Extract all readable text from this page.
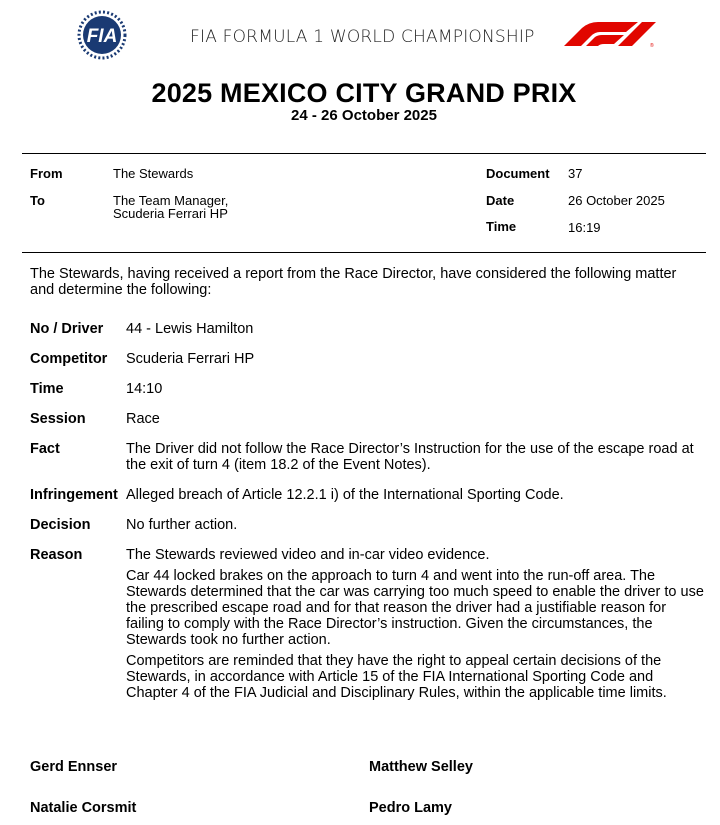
FIA	FIA FORMULA 1 WORLD CHAMPIONSHIP	®
2025 MEXICO CITY GRAND PRIX
24 - 26 October 2025
From	The Stewards
To	The Team Manager,
Scuderia Ferrari HP
Document 37
Date	26 October 2025
Time	16:19
The Stewards, having received a report from the Race Director, have considered the following matter and determine the following:
No / Driver 44 - Lewis Hamilton
Competitor Scuderia Ferrari HP
Time	14:10
Session	Race
Fact	The Driver did not follow the Race Director’s Instruction for the use of the escape road at the exit of turn 4 (item 18.2 of the Event Notes).
Infringement Alleged breach of Article 12.2.1 i) of the International Sporting Code.
Decision No further action.
Reason	The Stewards reviewed video and in-car video evidence.

Car 44 locked brakes on the approach to turn 4 and went into the run-off area. The Stewards determined that the car was carrying too much speed to enable the driver to use the prescribed escape road and for that reason the driver had a justifiable reason for failing to comply with the Race Director’s instruction. Given the circumstances, the Stewards took no further action.

Competitors are reminded that they have the right to appeal certain decisions of the Stewards, in accordance with Article 15 of the FIA International Sporting Code and Chapter 4 of the FIA Judicial and Disciplinary Rules, within the applicable time limits.

Gerd Ennser	Matthew Selley
Natalie Corsmit	Pedro Lamy
